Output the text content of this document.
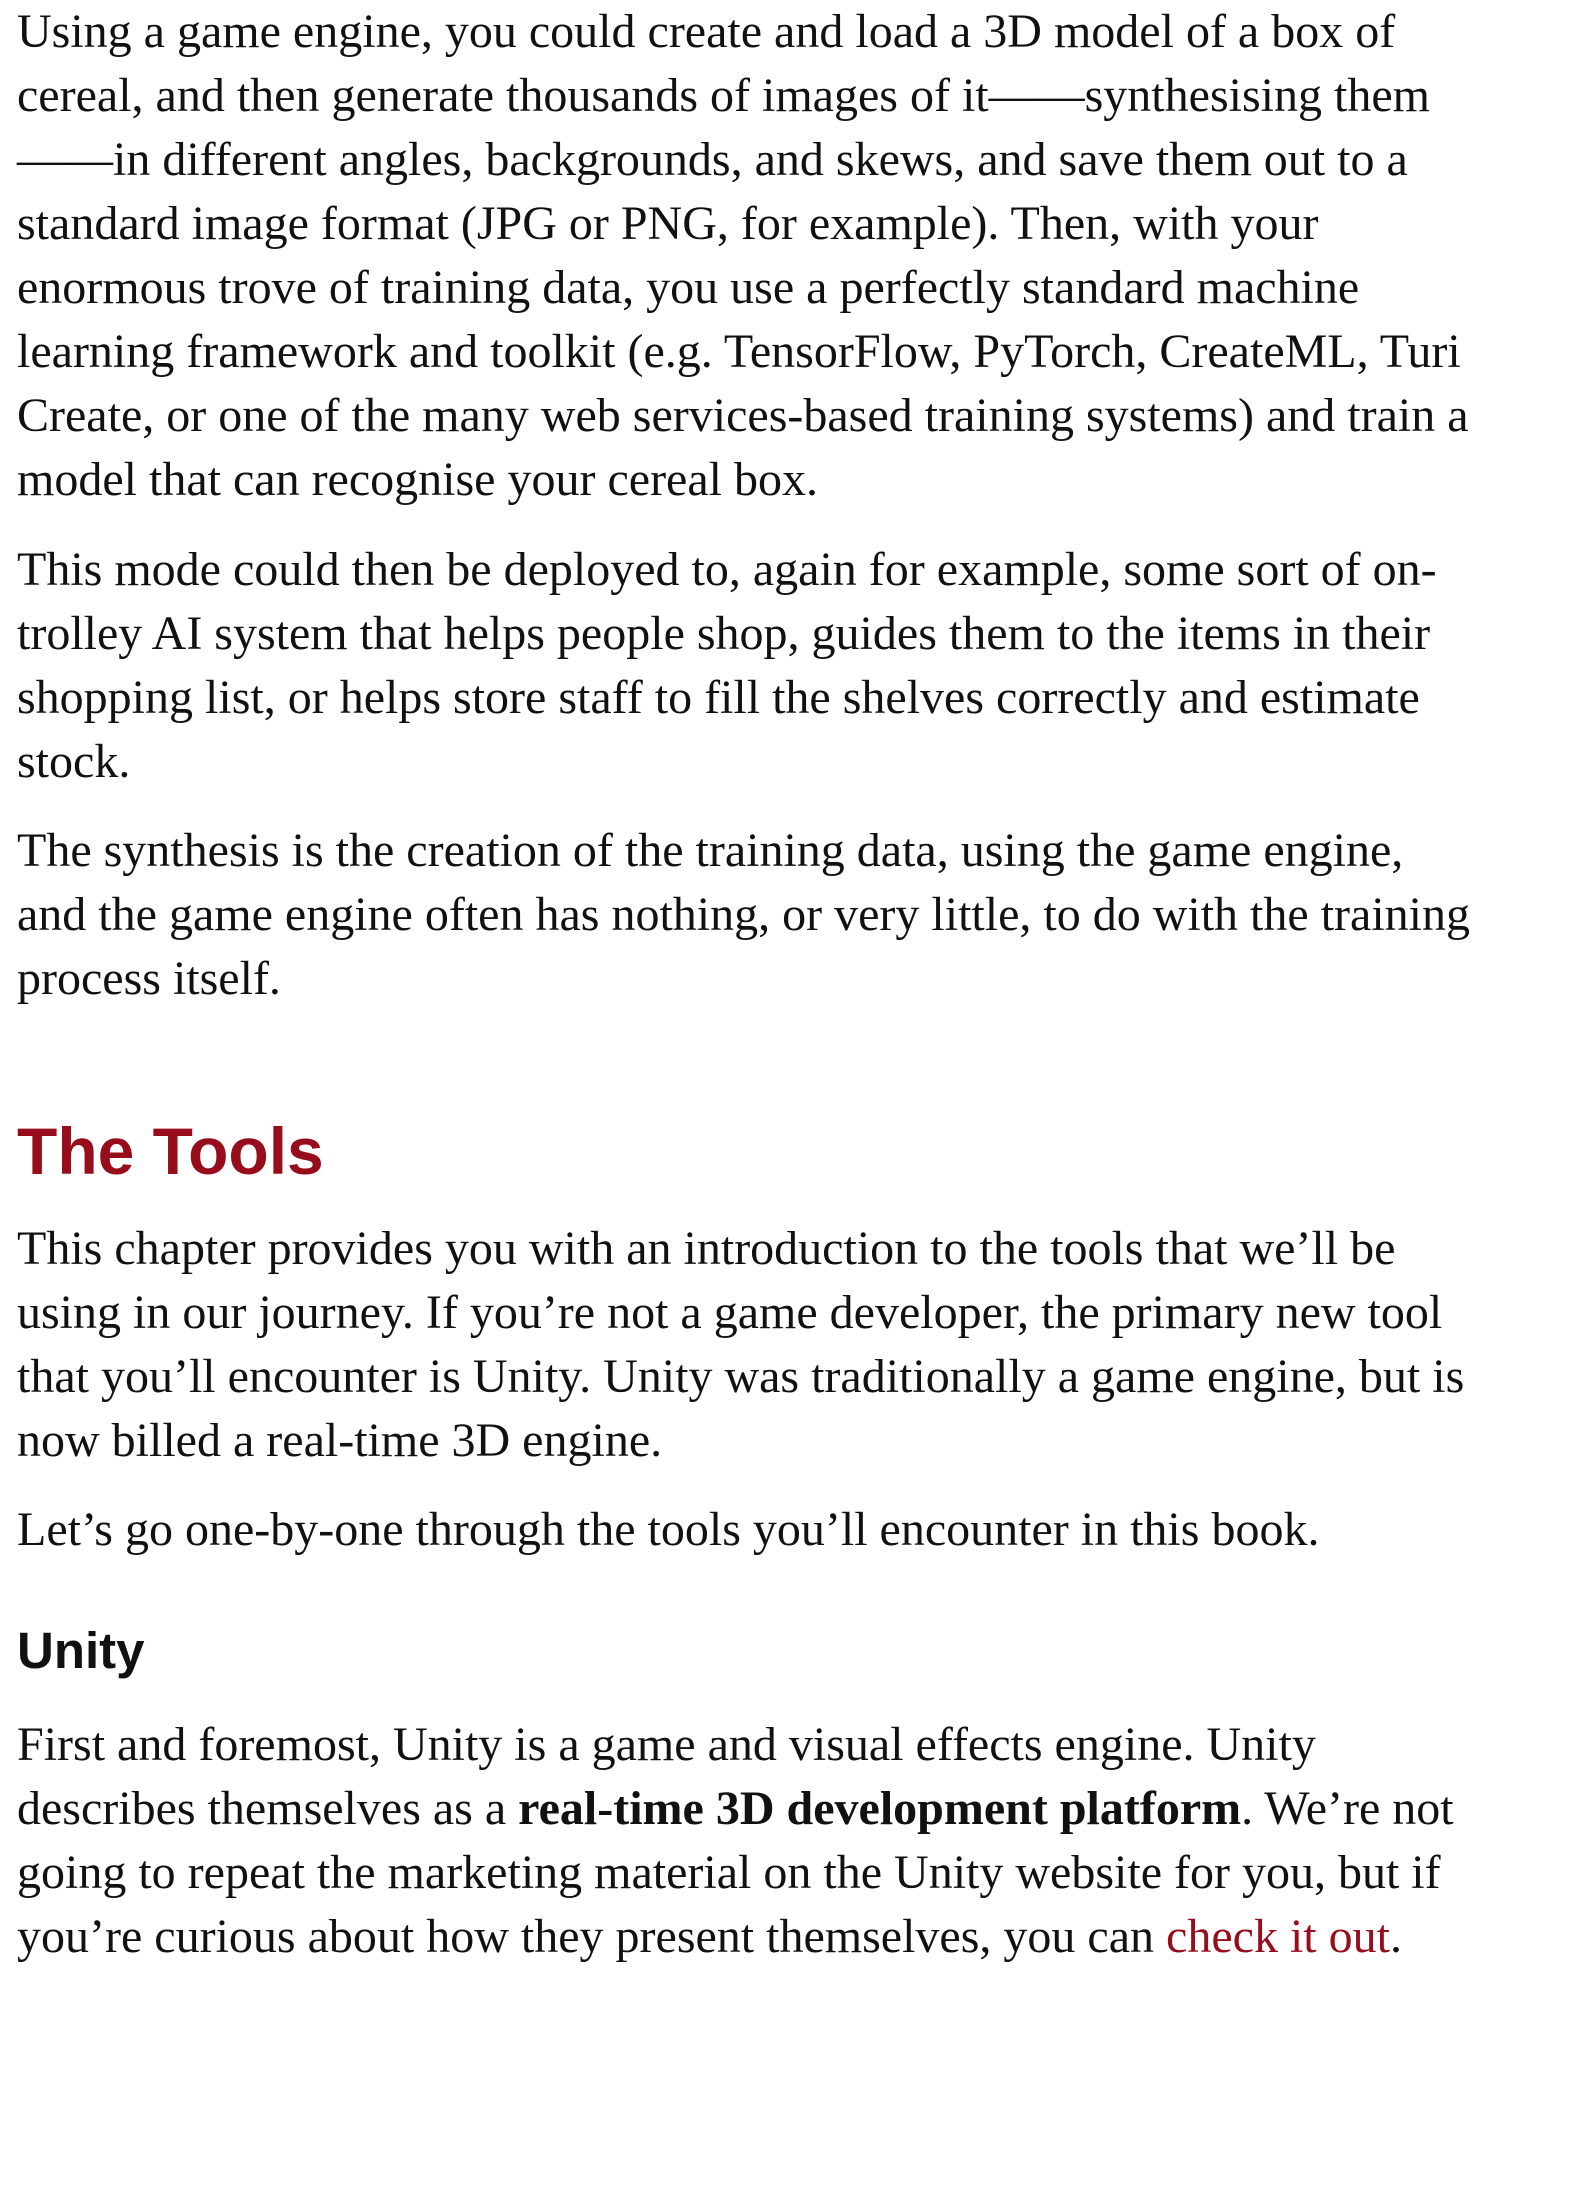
Using a game engine, you could create and load a 3D model of a box of
cereal, and then generate thousands of images of it——synthesising them
——in different angles, backgrounds, and skews, and save them out to a
standard image format (JPG or PNG, for example). Then, with your
enormous trove of training data, you use a perfectly standard machine
learning framework and toolkit (e.g. TensorFlow, PyTorch, CreateML, Turi
Create, or one of the many web services-based training systems) and train a
model that can recognise your cereal box.

This mode could then be deployed to, again for example, some sort of on-
trolley AI system that helps people shop, guides them to the items in their
shopping list, or helps store staff to fill the shelves correctly and estimate
stock.

The synthesis is the creation of the training data, using the game engine,
and the game engine often has nothing, or very little, to do with the training
process itself.

The Tools

This chapter provides you with an introduction to the tools that we’ll be
using in our journey. If you’re not a game developer, the primary new tool
that you’ll encounter is Unity. Unity was traditionally a game engine, but is
now billed a real-time 3D engine.

Let’s go one-by-one through the tools you’ll encounter in this book.

Unity

First and foremost, Unity is a game and visual effects engine. Unity
describes themselves as a real-time 3D development platform. We’re not
going to repeat the marketing material on the Unity website for you, but if
you’re curious about how they present themselves, you can check it out.
